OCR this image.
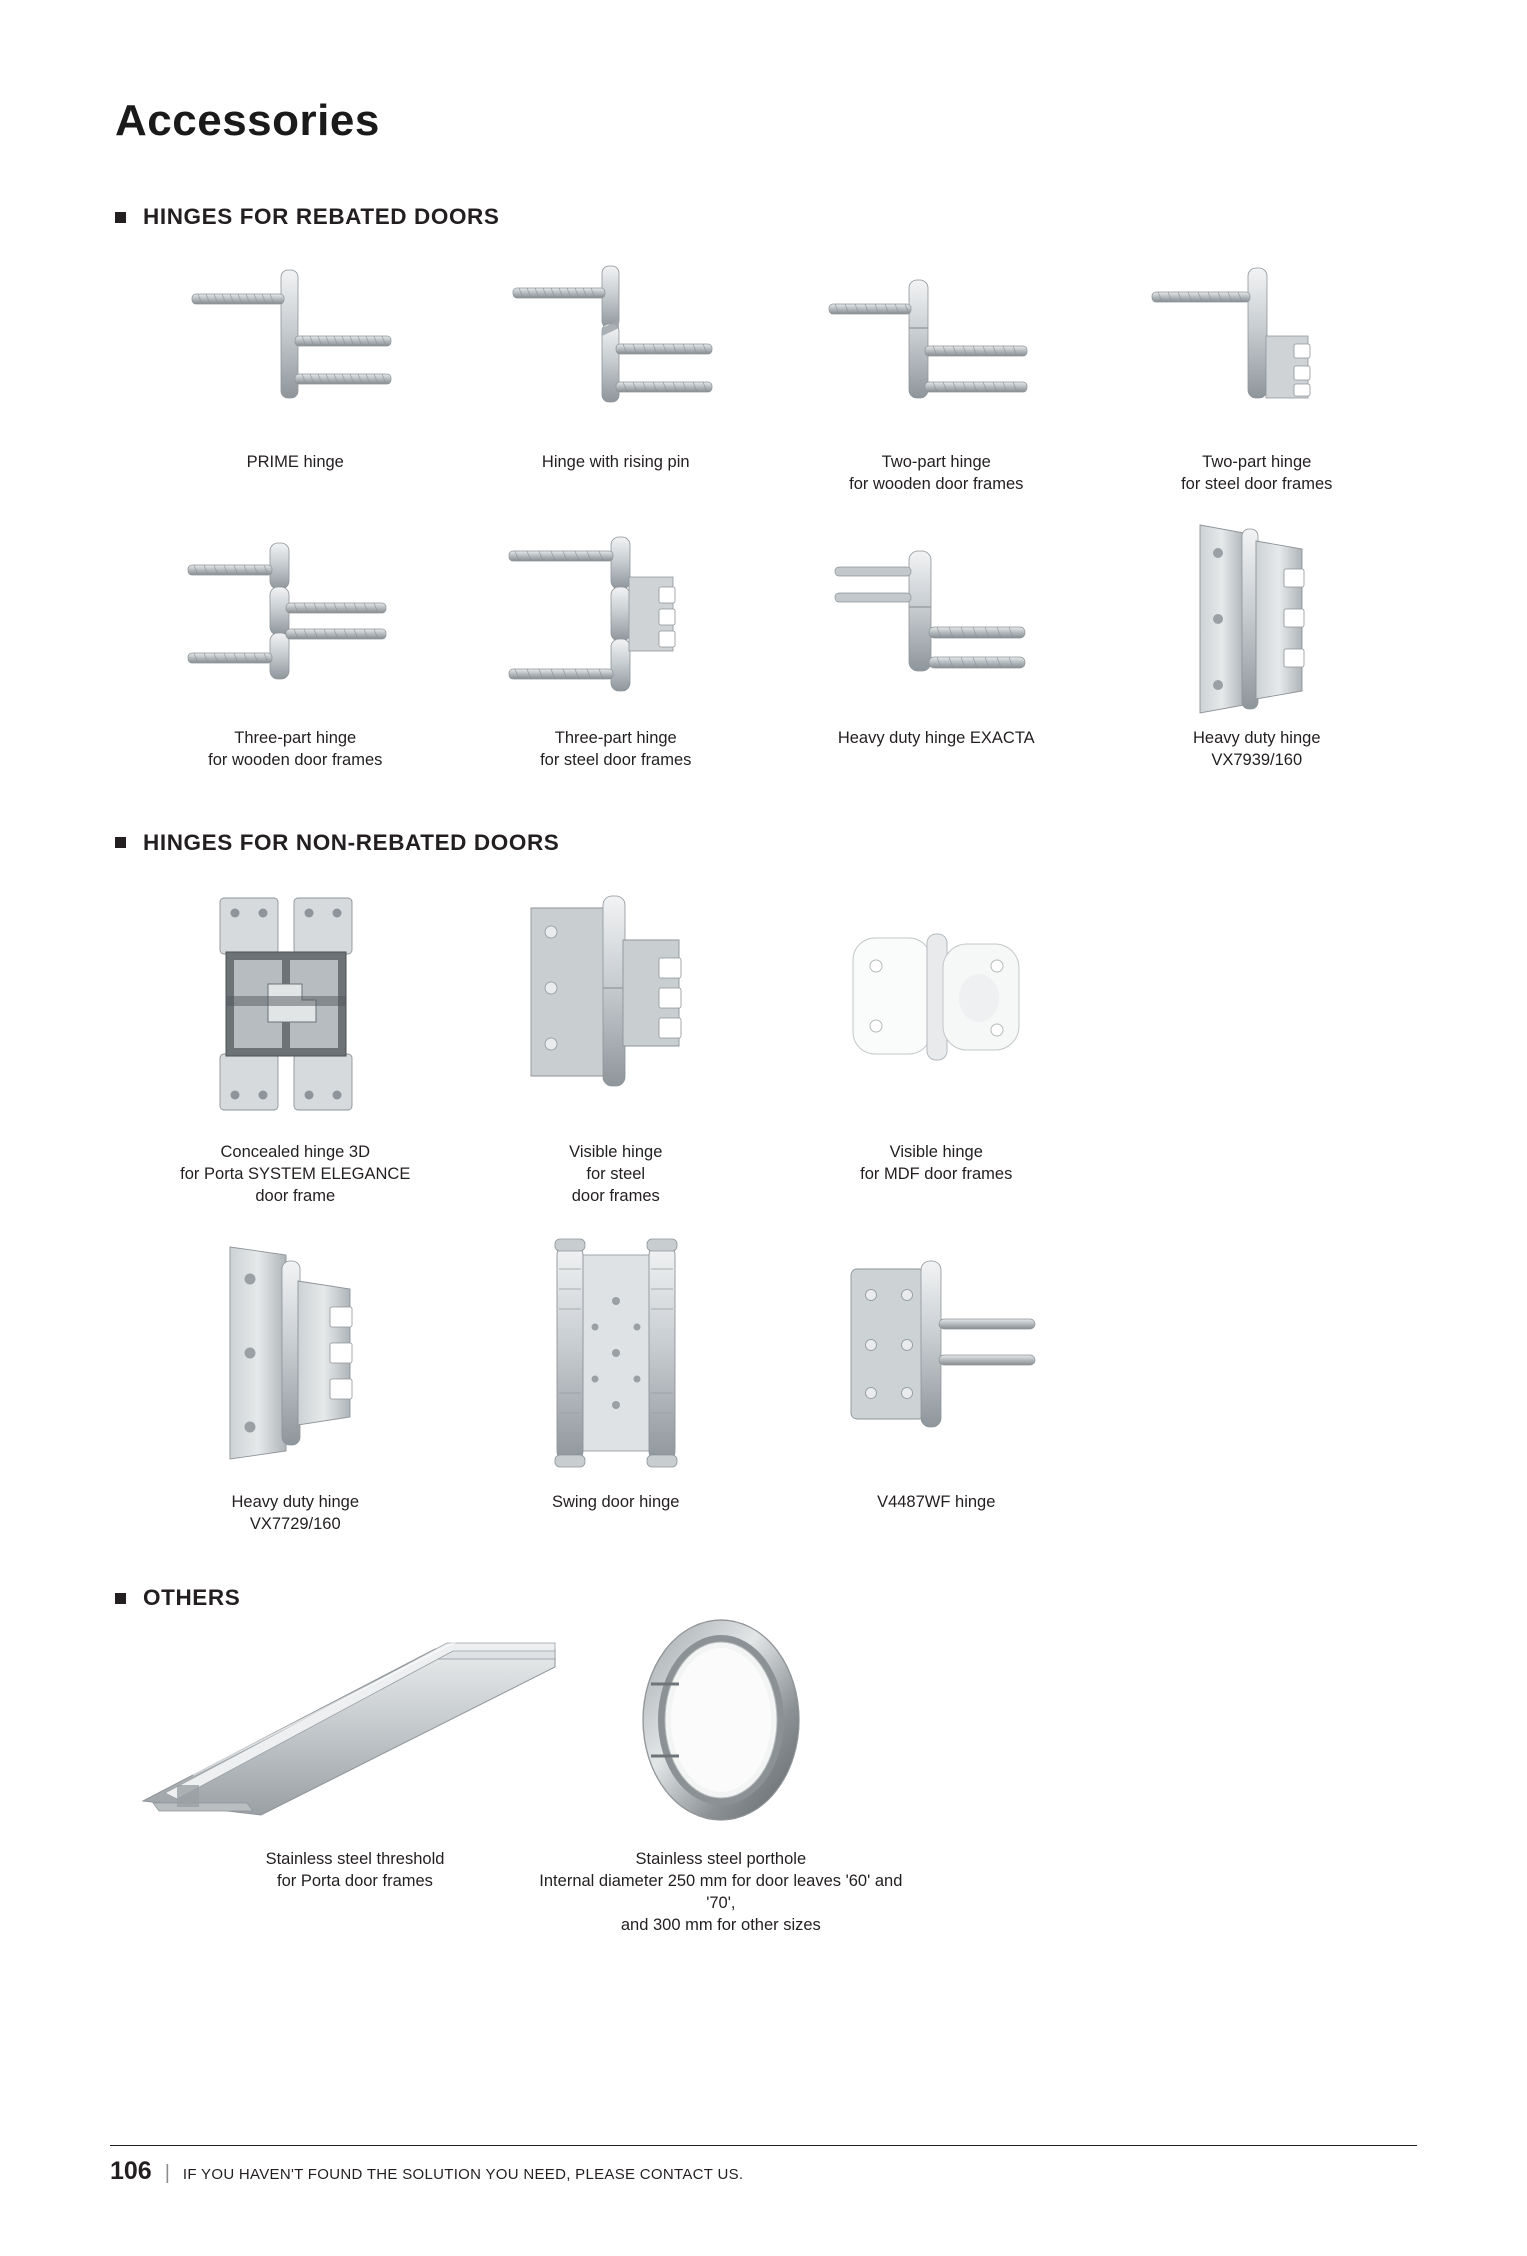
Accessories
HINGES FOR REBATED DOORS
PRIME hinge	Hinge with rising pin	Two-part hinge
for wooden door frames
Two-part hinge
for steel door frames
Three-part hinge
for wooden door frames
Three-part hinge
for steel door frames
Heavy duty hinge EXACTA	Heavy duty hinge
VX7939/160
HINGES FOR NON-REBATED DOORS
Concealed hinge 3D
for Porta SYSTEM ELEGANCE
door frame
Visible hinge
for steel
door frames
Visible hinge
for MDF door frames
Heavy duty hinge
VX7729/160
Swing door hinge	V4487WF hinge
OTHERS
Stainless steel threshold
for Porta door frames
Stainless steel porthole
Internal diameter 250 mm for door leaves '60' and '70',
and 300 mm for other sizes
106 | IF YOU HAVEN'T FOUND THE SOLUTION YOU NEED, PLEASE CONTACT US.
